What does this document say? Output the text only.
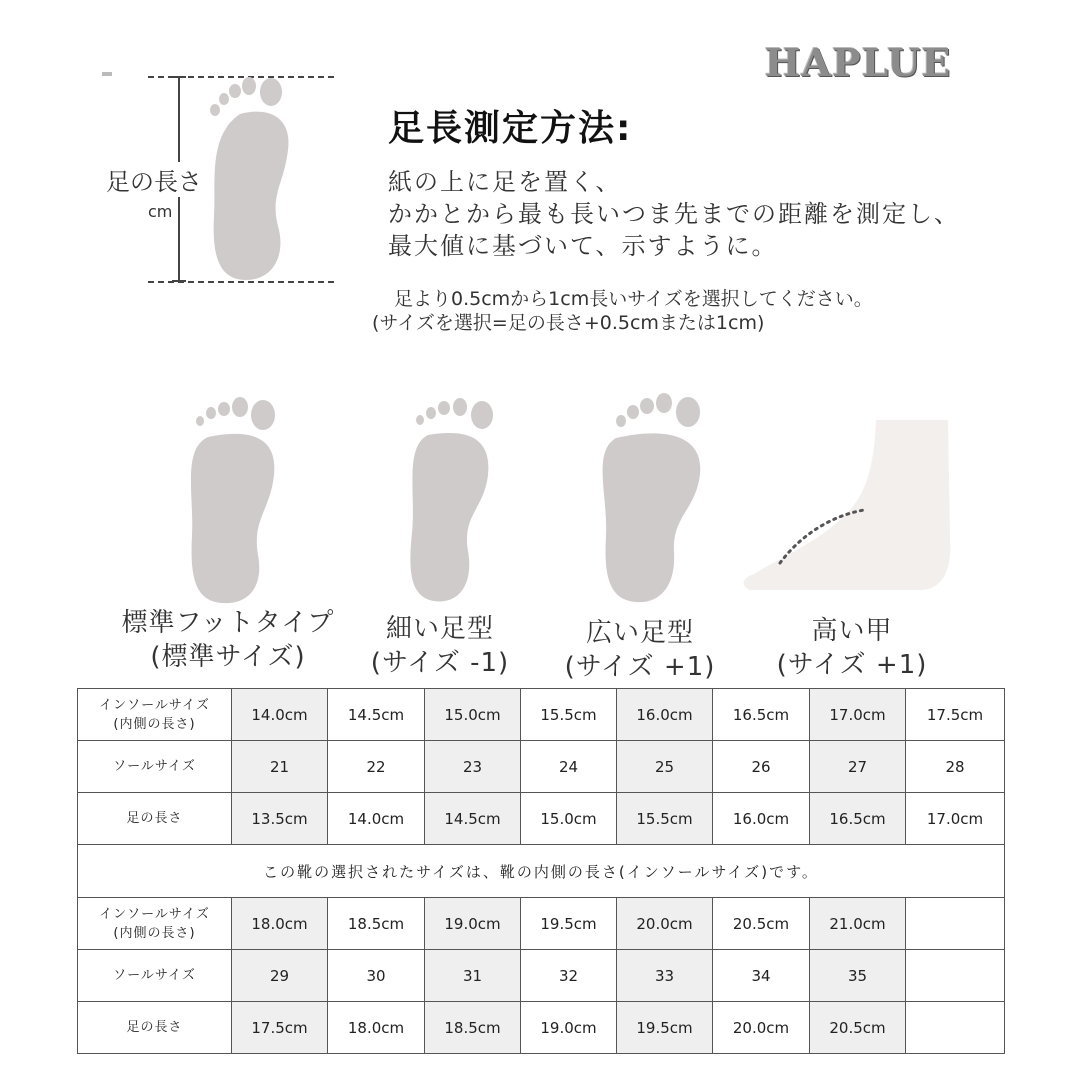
HAPLUE
足の長さ
cm
足長測定方法:
紙の上に足を置く、
かかとから最も長いつま先までの距離を測定し、
最大値に基づいて、示すように。
足より0.5cmから1cm長いサイズを選択してください。
(サイズを選択=足の長さ+0.5cmまたは1cm)
標準フットタイプ
(標準サイズ)
細い足型
(サイズ -1)
広い足型
(サイズ +1)
高い甲
(サイズ +1)
インソールサイズ
(内側の長さ)	14.0cm	14.5cm	15.0cm	15.5cm	16.0cm	16.5cm	17.0cm	17.5cm
ソールサイズ	21	22	23	24	25	26	27	28
足の長さ	13.5cm	14.0cm	14.5cm	15.0cm	15.5cm	16.0cm	16.5cm	17.0cm
この靴の選択されたサイズは、靴の内側の長さ(インソールサイズ)です。								

インソールサイズ
(内側の長さ)	18.0cm	18.5cm	19.0cm	19.5cm	20.0cm	20.5cm	21.0cm	
ソールサイズ	29	30	31	32	33	34	35	
足の長さ	17.5cm	18.0cm	18.5cm	19.0cm	19.5cm	20.0cm	20.5cm	
